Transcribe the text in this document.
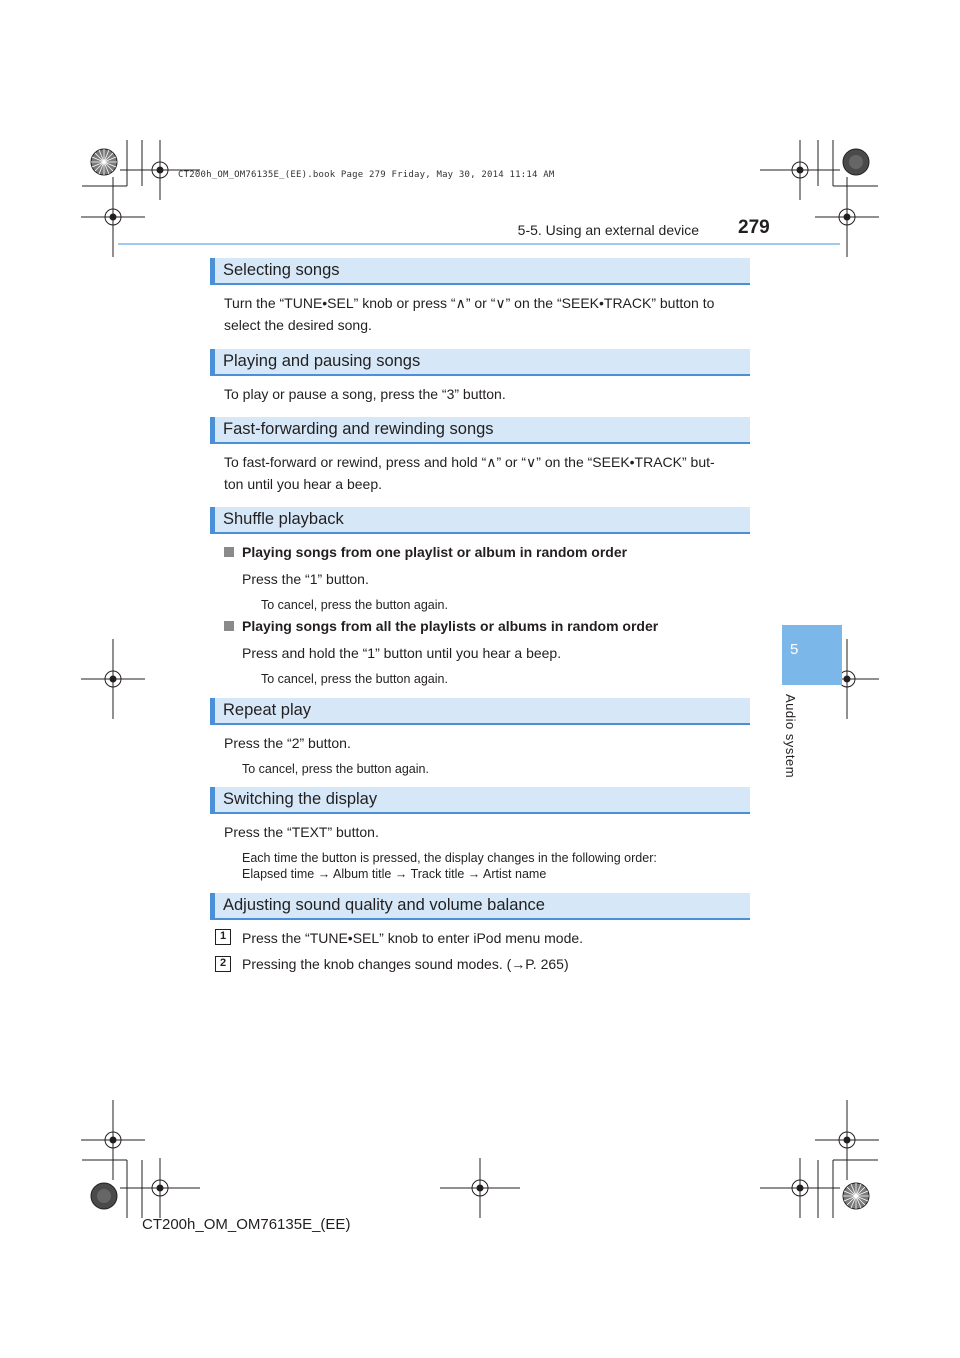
CT200h_OM_OM76135E_(EE).book Page 279 Friday, May 30, 2014 11:14 AM
5-5. Using an external device 279
5
Audio system
Selecting songs
Turn the “TUNE•SEL” knob or press “∧” or “∨” on the “SEEK•TRACK” button to
select the desired song.
Playing and pausing songs
To play or pause a song, press the “3” button.
Fast-forwarding and rewinding songs
To fast-forward or rewind, press and hold “∧” or “∨” on the “SEEK•TRACK” but-
ton until you hear a beep.
Shuffle playback
Playing songs from one playlist or album in random order
Press the “1” button.
To cancel, press the button again.
Playing songs from all the playlists or albums in random order
Press and hold the “1” button until you hear a beep.
To cancel, press the button again.
Repeat play
Press the “2” button.
To cancel, press the button again.
Switching the display
Press the “TEXT” button.
Each time the button is pressed, the display changes in the following order:
Elapsed time → Album title → Track title → Artist name
Adjusting sound quality and volume balance
1	Press the “TUNE•SEL” knob to enter iPod menu mode.
2	Pressing the knob changes sound modes. (→P. 265)
CT200h_OM_OM76135E_(EE)
